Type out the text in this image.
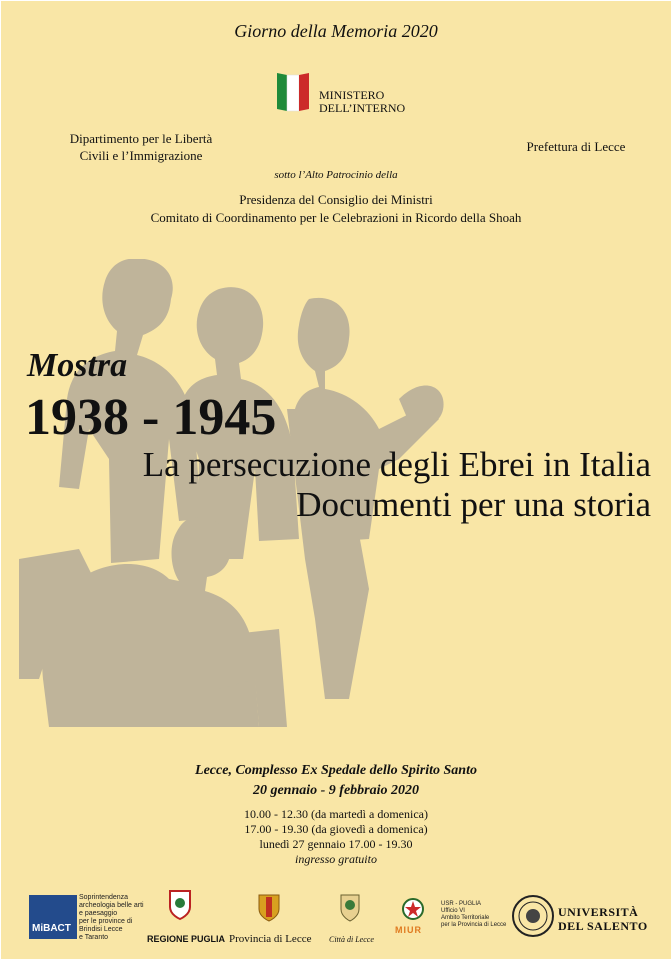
Giorno della Memoria 2020
MINISTERO
DELL’INTERNO
Dipartimento per le Libertà
Civili e l’Immigrazione
Prefettura di Lecce
sotto l’Alto Patrocinio della
Presidenza del Consiglio dei Ministri
Comitato di Coordinamento per le Celebrazioni in Ricordo della Shoah
Mostra
1938 - 1945
La persecuzione degli Ebrei in Italia
Documenti per una storia
Lecce, Complesso Ex Spedale dello Spirito Santo
20 gennaio - 9 febbraio 2020
10.00 - 12.30 (da martedì a domenica)
17.00 - 19.30 (da giovedì a domenica)
lunedì 27 gennaio 17.00 - 19.30
ingresso gratuito
MiBACT
Soprintendenza
archeologia belle arti
e paesaggio
per le province di
Brindisi Lecce
e Taranto	REGIONE PUGLIA Provincia di Lecce Città di Lecce
MIUR
USR - PUGLIA
Ufficio VI
Ambito Territoriale
per la Provincia di Lecce
UNIVERSITÀ
DEL SALENTO
